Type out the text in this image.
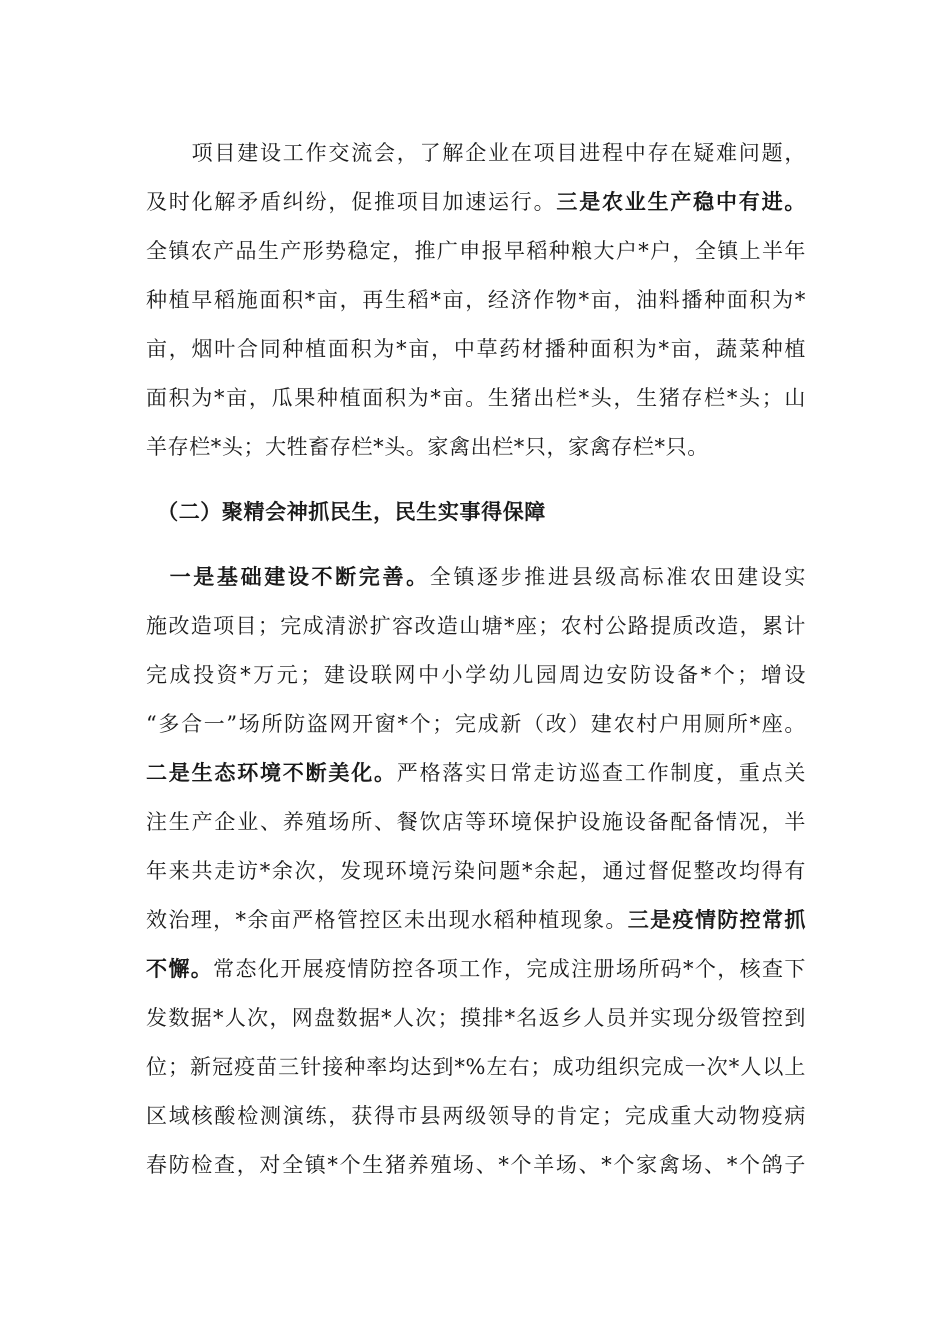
　　项目建设工作交流会，了解企业在项目进程中存在疑难问题，
及时化解矛盾纠纷，促推项目加速运行。三是农业生产稳中有进。
全镇农产品生产形势稳定，推广申报早稻种粮大户*户，全镇上半年
种植早稻施面积*亩，再生稻*亩，经济作物*亩，油料播种面积为*
亩，烟叶合同种植面积为*亩，中草药材播种面积为*亩，蔬菜种植
面积为*亩，瓜果种植面积为*亩。生猪出栏*头，生猪存栏*头；山
羊存栏*头；大牲畜存栏*头。家禽出栏*只，家禽存栏*只。
　（二）聚精会神抓民生，民生实事得保障
　一是基础建设不断完善。全镇逐步推进县级高标准农田建设实
施改造项目；完成清淤扩容改造山塘*座；农村公路提质改造，累计
完成投资*万元；建设联网中小学幼儿园周边安防设备*个；增设
“多合一”场所防盗网开窗*个；完成新（改）建农村户用厕所*座。
二是生态环境不断美化。严格落实日常走访巡查工作制度，重点关
注生产企业、养殖场所、餐饮店等环境保护设施设备配备情况，半
年来共走访*余次，发现环境污染问题*余起，通过督促整改均得有
效治理，*余亩严格管控区未出现水稻种植现象。三是疫情防控常抓
不懈。常态化开展疫情防控各项工作，完成注册场所码*个，核查下
发数据*人次，网盘数据*人次；摸排*名返乡人员并实现分级管控到
位；新冠疫苗三针接种率均达到*%左右；成功组织完成一次*人以上
区域核酸检测演练，获得市县两级领导的肯定；完成重大动物疫病
春防检查，对全镇*个生猪养殖场、*个羊场、*个家禽场、*个鸽子
